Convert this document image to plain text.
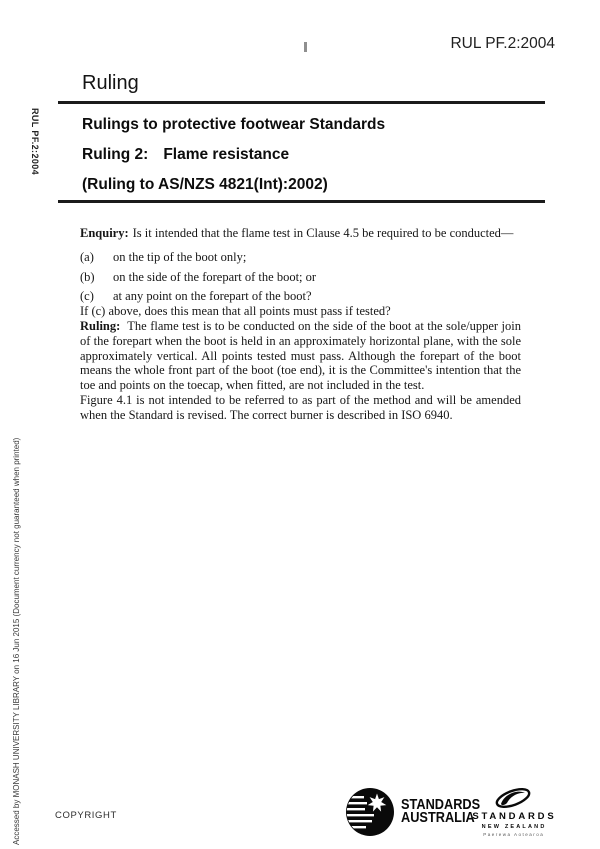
RUL PF.2:2004
Ruling
Rulings to protective footwear Standards
Ruling 2: Flame resistance
(Ruling to AS/NZS 4821(Int):2002)

Enquiry: Is it intended that the flame test in Clause 4.5 be required to be conducted—

(a)	on the tip of the boot only;
(b)	on the side of the forepart of the boot; or
(c)	at any point on the forepart of the boot?

If (c) above, does this mean that all points must pass if tested?

Ruling: The flame test is to be conducted on the side of the boot at the sole/upper join of the forepart when the boot is held in an approximately horizontal plane, with the sole approximately vertical. All points tested must pass. Although the forepart of the boot means the whole front part of the boot (toe end), it is the Committee's intention that the toe and points on the toecap, when fitted, are not included in the test.

Figure 4.1 is not intended to be referred to as part of the method and will be amended when the Standard is revised. The correct burner is described in ISO 6940.

RUL PF.2:2004
Accessed by MONASH UNIVERSITY LIBRARY on 16 Jun 2015 (Document currency not guaranteed when printed)	COPYRIGHT
STANDARDS
AUSTRALIA
STANDARDS
NEW ZEALAND
Paerewa Aotearoa
